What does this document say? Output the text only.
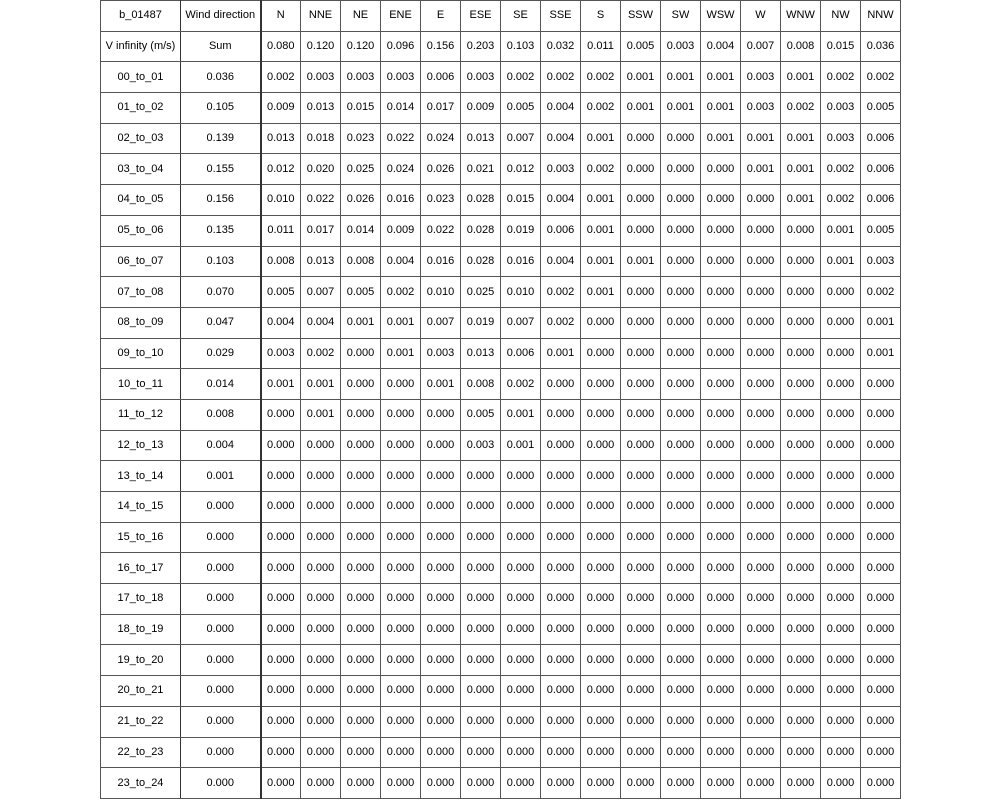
b_01487	Wind direction	N	NNE	NE	ENE	E	ESE	SE	SSE	S	SSW	SW	WSW	W	WNW	NW	NNW
V infinity (m/s)	Sum	0.080	0.120	0.120	0.096	0.156	0.203	0.103	0.032	0.011	0.005	0.003	0.004	0.007	0.008	0.015	0.036
00_to_01	0.036	0.002	0.003	0.003	0.003	0.006	0.003	0.002	0.002	0.002	0.001	0.001	0.001	0.003	0.001	0.002	0.002
01_to_02	0.105	0.009	0.013	0.015	0.014	0.017	0.009	0.005	0.004	0.002	0.001	0.001	0.001	0.003	0.002	0.003	0.005
02_to_03	0.139	0.013	0.018	0.023	0.022	0.024	0.013	0.007	0.004	0.001	0.000	0.000	0.001	0.001	0.001	0.003	0.006
03_to_04	0.155	0.012	0.020	0.025	0.024	0.026	0.021	0.012	0.003	0.002	0.000	0.000	0.000	0.001	0.001	0.002	0.006
04_to_05	0.156	0.010	0.022	0.026	0.016	0.023	0.028	0.015	0.004	0.001	0.000	0.000	0.000	0.000	0.001	0.002	0.006
05_to_06	0.135	0.011	0.017	0.014	0.009	0.022	0.028	0.019	0.006	0.001	0.000	0.000	0.000	0.000	0.000	0.001	0.005
06_to_07	0.103	0.008	0.013	0.008	0.004	0.016	0.028	0.016	0.004	0.001	0.001	0.000	0.000	0.000	0.000	0.001	0.003
07_to_08	0.070	0.005	0.007	0.005	0.002	0.010	0.025	0.010	0.002	0.001	0.000	0.000	0.000	0.000	0.000	0.000	0.002
08_to_09	0.047	0.004	0.004	0.001	0.001	0.007	0.019	0.007	0.002	0.000	0.000	0.000	0.000	0.000	0.000	0.000	0.001
09_to_10	0.029	0.003	0.002	0.000	0.001	0.003	0.013	0.006	0.001	0.000	0.000	0.000	0.000	0.000	0.000	0.000	0.001
10_to_11	0.014	0.001	0.001	0.000	0.000	0.001	0.008	0.002	0.000	0.000	0.000	0.000	0.000	0.000	0.000	0.000	0.000
11_to_12	0.008	0.000	0.001	0.000	0.000	0.000	0.005	0.001	0.000	0.000	0.000	0.000	0.000	0.000	0.000	0.000	0.000
12_to_13	0.004	0.000	0.000	0.000	0.000	0.000	0.003	0.001	0.000	0.000	0.000	0.000	0.000	0.000	0.000	0.000	0.000
13_to_14	0.001	0.000	0.000	0.000	0.000	0.000	0.000	0.000	0.000	0.000	0.000	0.000	0.000	0.000	0.000	0.000	0.000
14_to_15	0.000	0.000	0.000	0.000	0.000	0.000	0.000	0.000	0.000	0.000	0.000	0.000	0.000	0.000	0.000	0.000	0.000
15_to_16	0.000	0.000	0.000	0.000	0.000	0.000	0.000	0.000	0.000	0.000	0.000	0.000	0.000	0.000	0.000	0.000	0.000
16_to_17	0.000	0.000	0.000	0.000	0.000	0.000	0.000	0.000	0.000	0.000	0.000	0.000	0.000	0.000	0.000	0.000	0.000
17_to_18	0.000	0.000	0.000	0.000	0.000	0.000	0.000	0.000	0.000	0.000	0.000	0.000	0.000	0.000	0.000	0.000	0.000
18_to_19	0.000	0.000	0.000	0.000	0.000	0.000	0.000	0.000	0.000	0.000	0.000	0.000	0.000	0.000	0.000	0.000	0.000
19_to_20	0.000	0.000	0.000	0.000	0.000	0.000	0.000	0.000	0.000	0.000	0.000	0.000	0.000	0.000	0.000	0.000	0.000
20_to_21	0.000	0.000	0.000	0.000	0.000	0.000	0.000	0.000	0.000	0.000	0.000	0.000	0.000	0.000	0.000	0.000	0.000
21_to_22	0.000	0.000	0.000	0.000	0.000	0.000	0.000	0.000	0.000	0.000	0.000	0.000	0.000	0.000	0.000	0.000	0.000
22_to_23	0.000	0.000	0.000	0.000	0.000	0.000	0.000	0.000	0.000	0.000	0.000	0.000	0.000	0.000	0.000	0.000	0.000
23_to_24	0.000	0.000	0.000	0.000	0.000	0.000	0.000	0.000	0.000	0.000	0.000	0.000	0.000	0.000	0.000	0.000	0.000
